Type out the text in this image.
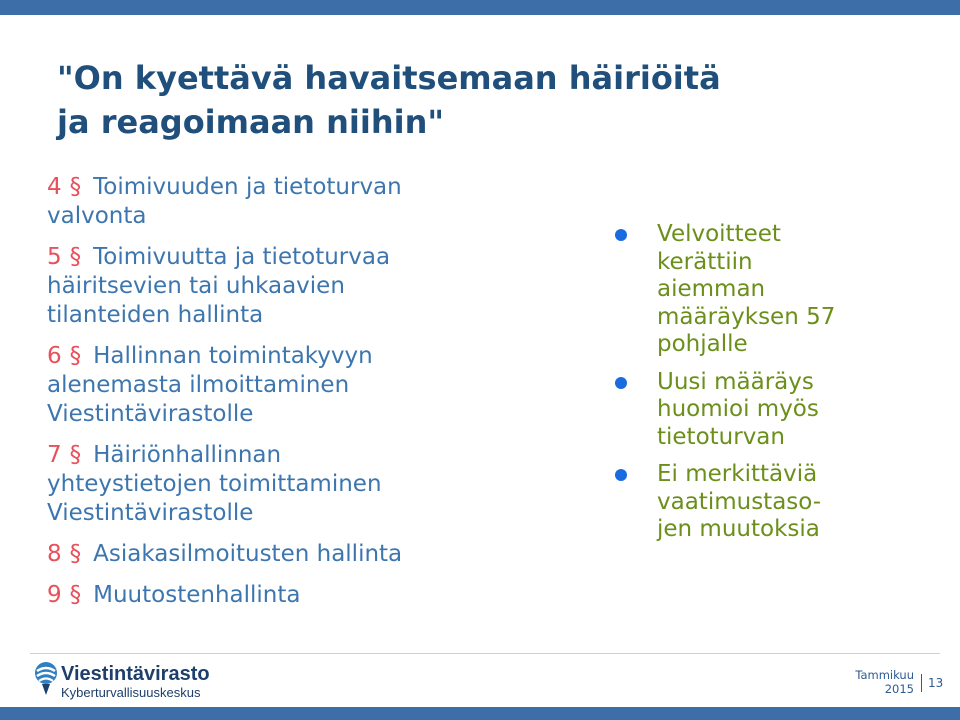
"On kyettävä havaitsemaan häiriöitä
ja reagoimaan niihin"
4 § Toimivuuden ja tietoturvan
valvonta
5 § Toimivuutta ja tietoturvaa
häiritsevien tai uhkaavien
tilanteiden hallinta
6 § Hallinnan toimintakyvyn
alenemasta ilmoittaminen
Viestintävirastolle
7 § Häiriönhallinnan
yhteystietojen toimittaminen
Viestintävirastolle
8 § Asiakasilmoitusten hallinta
9 § Muutostenhallinta
Velvoitteet
kerättiin
aiemman
määräyksen 57
pohjalle
Uusi määräys
huomioi myös
tietoturvan
Ei merkittäviä
vaatimustaso-
jen muutoksia
Viestintävirasto
Kyberturvallisuuskeskus
Tammikuu
2015 13
